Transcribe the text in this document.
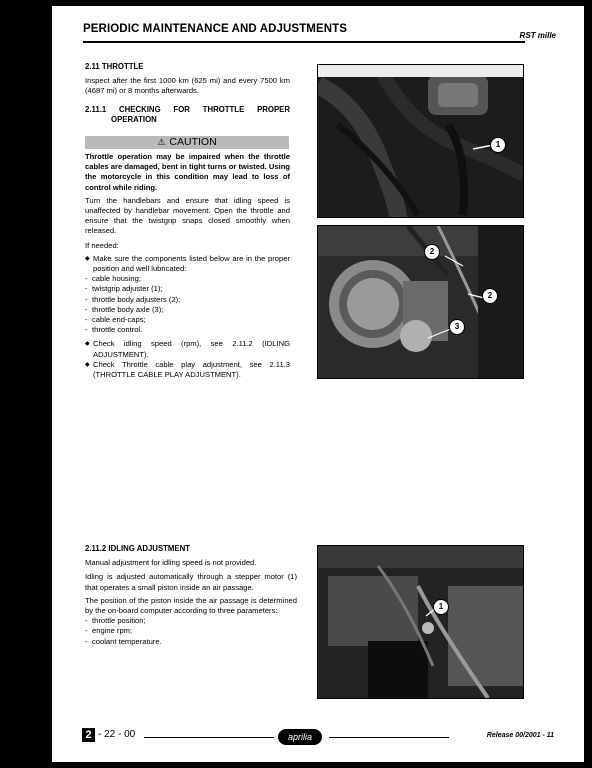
PERIODIC MAINTENANCE AND ADJUSTMENTS
RST mille
2.11 THROTTLE
Inspect after the first 1000 km (625 mi) and every 7500 km (4687 mi) or 8 months afterwards.
2.11.1 CHECKING FOR THROTTLE PROPER
OPERATION
⚠ CAUTION
Throttle operation may be impaired when the throttle cables are damaged, bent in tight turns or twisted. Using the motorcycle in this condition may lead to loss of control while riding.
Turn the handlebars and ensure that idling speed is unaffected by handlebar movement. Open the throttle and ensure that the twistgrip snaps closed smoothly when released.
If needed:
◆ Make sure the components listed below are in the proper position and well lubricated:
- cable housing;
- twistgrip adjuster (1);
- throttle body adjusters (2);
- throttle body axle (3);
- cable end-caps;
- throttle control.
◆ Check idling speed (rpm), see 2.11.2 (IDLING ADJUSTMENT).
◆ Check Throttle cable play adjustment, see 2.11.3 (THROTTLE CABLE PLAY ADJUSTMENT).
2.11.2 IDLING ADJUSTMENT
Manual adjustment for idling speed is not provided.
Idling is adjusted automatically through a stepper motor (1) that operates a small piston inside an air passage.
The position of the piston inside the air passage is determined by the on-board computer according to three parameters:
- throttle position;
- engine rpm;
- coolant temperature.
1
2
2
3
1
2 - 22 - 00	aprilia	Release 00/2001 - 11
